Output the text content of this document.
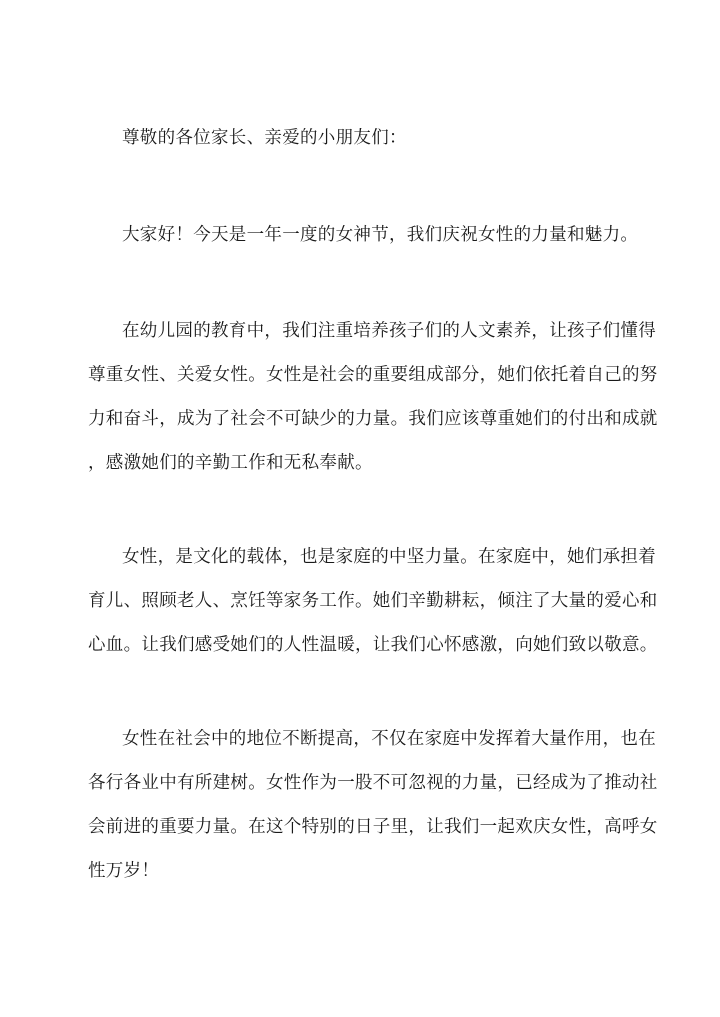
尊敬的各位家长、亲爱的小朋友们：
大家好！今天是一年一度的女神节，我们庆祝女性的力量和魅力。
在幼儿园的教育中，我们注重培养孩子们的人文素养，让孩子们懂得
尊重女性、关爱女性。女性是社会的重要组成部分，她们依托着自己的努
力和奋斗，成为了社会不可缺少的力量。我们应该尊重她们的付出和成就
，感激她们的辛勤工作和无私奉献。
女性，是文化的载体，也是家庭的中坚力量。在家庭中，她们承担着
育儿、照顾老人、烹饪等家务工作。她们辛勤耕耘，倾注了大量的爱心和
心血。让我们感受她们的人性温暖，让我们心怀感激，向她们致以敬意。
女性在社会中的地位不断提高，不仅在家庭中发挥着大量作用，也在
各行各业中有所建树。女性作为一股不可忽视的力量，已经成为了推动社
会前进的重要力量。在这个特别的日子里，让我们一起欢庆女性，高呼女
性万岁！
